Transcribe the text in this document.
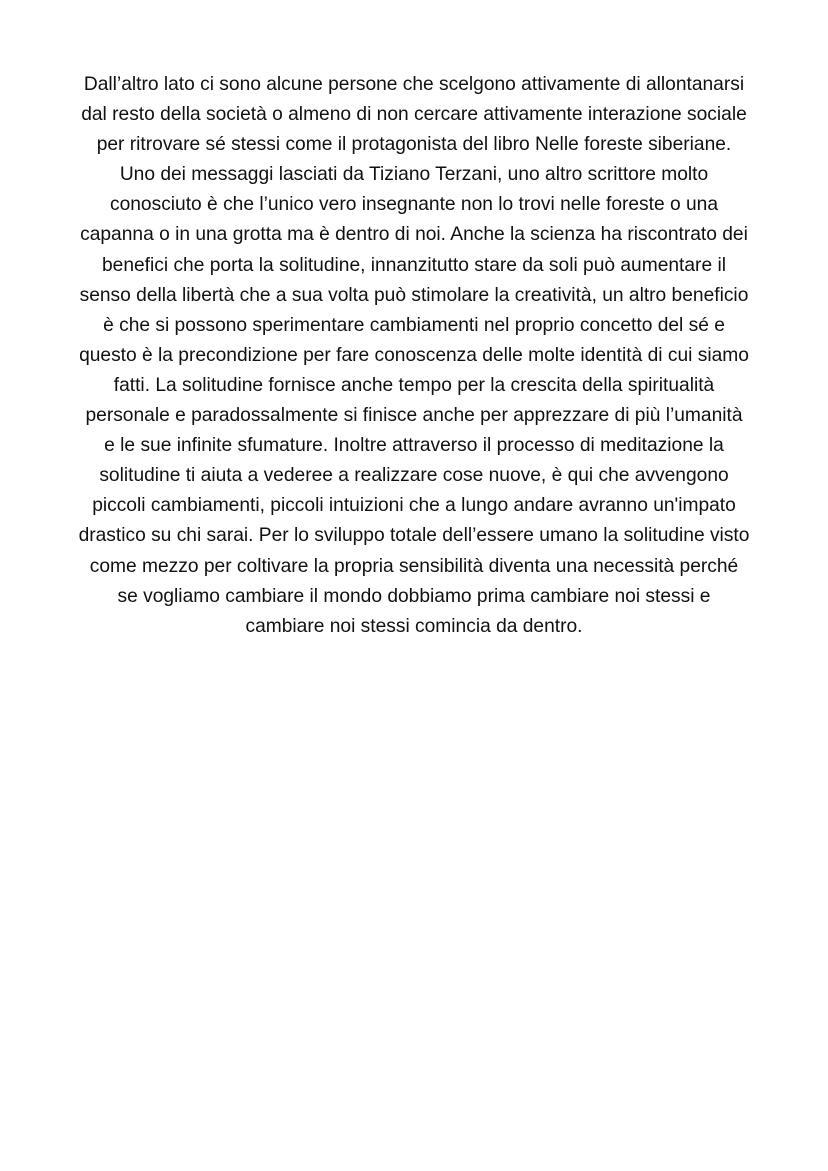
Dall’altro lato ci sono alcune persone che scelgono attivamente di allontanarsi
dal resto della società o almeno di non cercare attivamente interazione sociale
per ritrovare sé stessi come il protagonista del libro Nelle foreste siberiane.
Uno dei messaggi lasciati da Tiziano Terzani, uno altro scrittore molto
conosciuto è che l’unico vero insegnante non lo trovi nelle foreste o una
capanna o in una grotta ma è dentro di noi. Anche la scienza ha riscontrato dei
benefici che porta la solitudine, innanzitutto stare da soli può aumentare il
senso della libertà che a sua volta può stimolare la creatività, un altro beneficio
è che si possono sperimentare cambiamenti nel proprio concetto del sé e
questo è la precondizione per fare conoscenza delle molte identità di cui siamo
fatti. La solitudine fornisce anche tempo per la crescita della spiritualità
personale e paradossalmente si finisce anche per apprezzare di più l’umanità
e le sue infinite sfumature. Inoltre attraverso il processo di meditazione la
solitudine ti aiuta a vederee a realizzare cose nuove, è qui che avvengono
piccoli cambiamenti, piccoli intuizioni che a lungo andare avranno un'impato
drastico su chi sarai. Per lo sviluppo totale dell’essere umano la solitudine visto
come mezzo per coltivare la propria sensibilità diventa una necessità perché
se vogliamo cambiare il mondo dobbiamo prima cambiare noi stessi e
cambiare noi stessi comincia da dentro.
